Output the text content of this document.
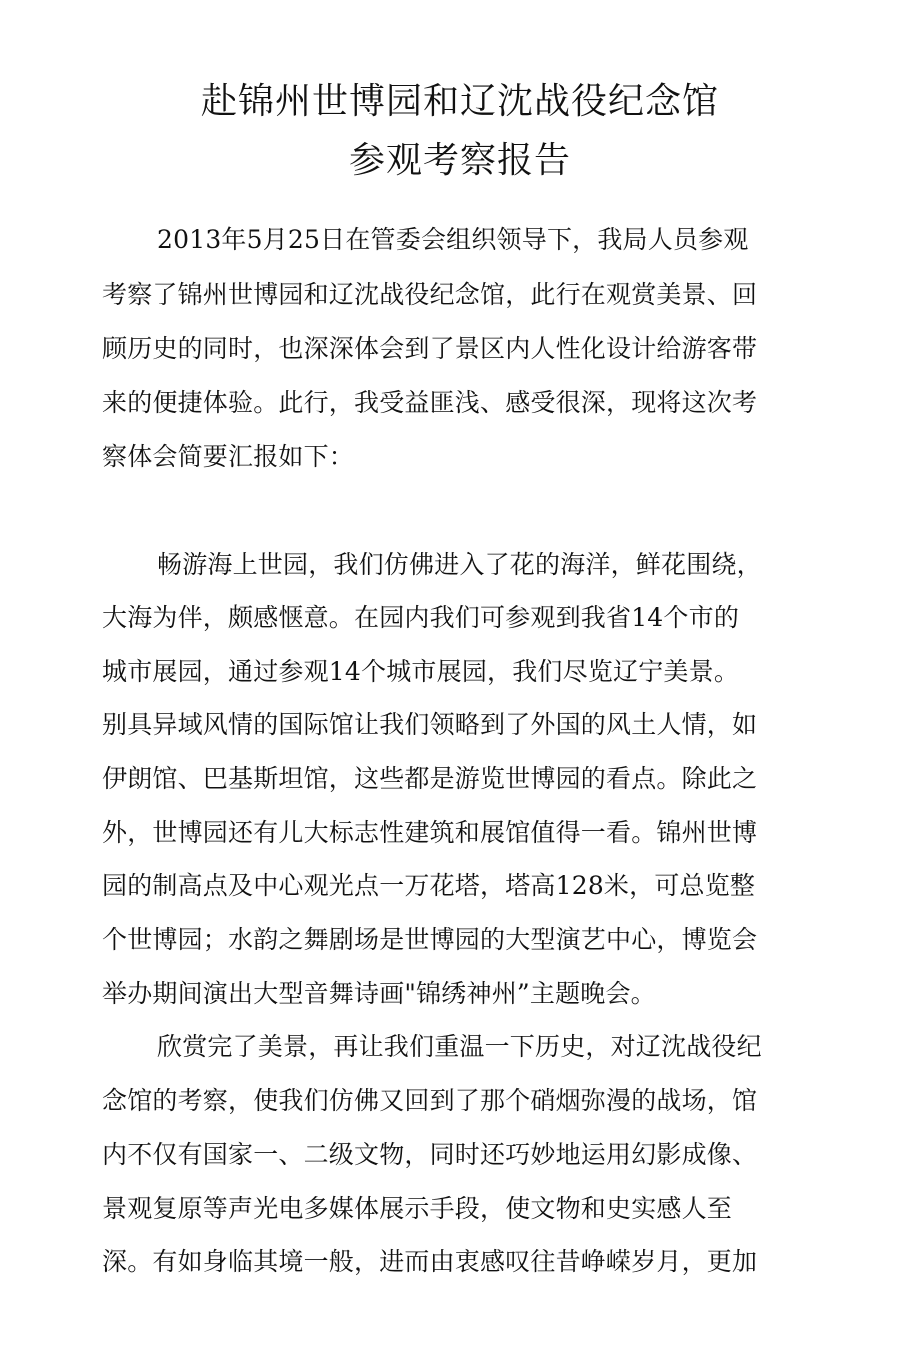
赴锦州世博园和辽沈战役纪念馆
参观考察报告
2013年5月25日在管委会组织领导下，我局人员参观
考察了锦州世博园和辽沈战役纪念馆，此行在观赏美景、回
顾历史的同时，也深深体会到了景区内人性化设计给游客带
来的便捷体验。此行，我受益匪浅、感受很深，现将这次考
察体会简要汇报如下：
畅游海上世园，我们仿佛进入了花的海洋，鲜花围绕，
大海为伴，颇感惬意。在园内我们可参观到我省14个市的
城市展园，通过参观14个城市展园，我们尽览辽宁美景。
别具异域风情的国际馆让我们领略到了外国的风土人情，如
伊朗馆、巴基斯坦馆，这些都是游览世博园的看点。除此之
外，世博园还有儿大标志性建筑和展馆值得一看。锦州世博
园的制高点及中心观光点一万花塔，塔高128米，可总览整
个世博园；水韵之舞剧场是世博园的大型演艺中心，博览会
举办期间演出大型音舞诗画"锦绣神州”主题晚会。
欣赏完了美景，再让我们重温一下历史，对辽沈战役纪
念馆的考察，使我们仿佛又回到了那个硝烟弥漫的战场，馆
内不仅有国家一、二级文物，同时还巧妙地运用幻影成像、
景观复原等声光电多媒体展示手段，使文物和史实感人至
深。有如身临其境一般，进而由衷感叹往昔峥嵘岁月，更加
